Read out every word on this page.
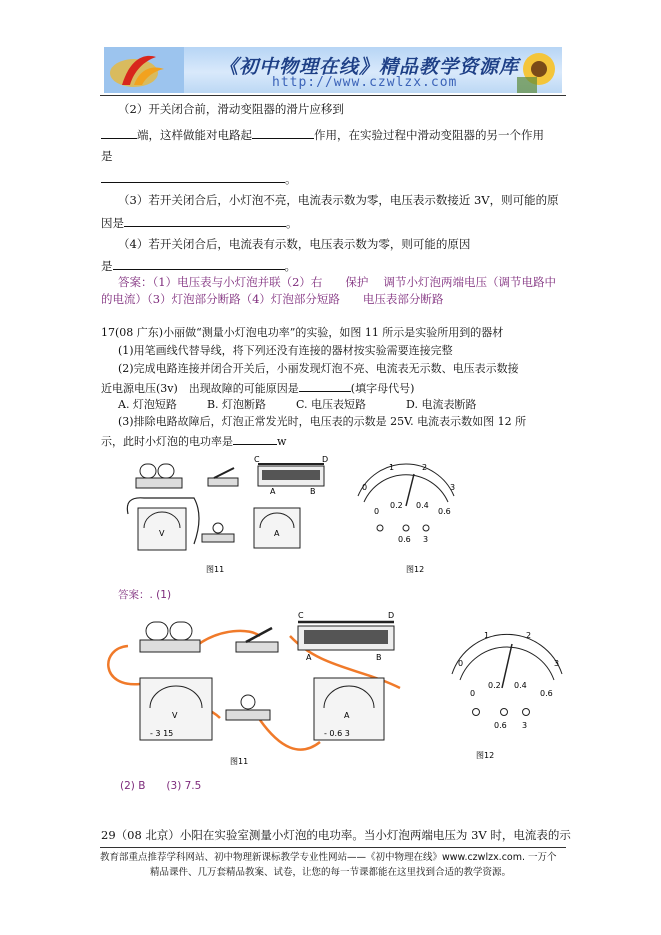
《初中物理在线》精品教学资源库
http://www.czwlzx.com
（2）开关闭合前，滑动变阻器的滑片应移到
端，这样做能对电路起	作用，在实验过程中滑动变阻器的另一个作用
是
。
（3）若开关闭合后，小灯泡不亮，电流表示数为零，电压表示数接近 3V，则可能的原
因是	。
（4）若开关闭合后，电流表有示数，电压表示数为零，则可能的原因
是	。
答案：（1）电压表与小灯泡并联（2）右　　保护　 调节小灯泡两端电压（调节电路中
的电流）（3）灯泡部分断路（4）灯泡部分短路　　电压表部分断路
17(08 广东)小丽做“测量小灯泡电功率”的实验，如图 11 所示是实验所用到的器材
(1)用笔画线代替导线，将下列还没有连接的器材按实验需要连接完整
(2)完成电路连接并闭合开关后，小丽发现灯泡不亮、电流表无示数、电压表示数接
近电源电压(3v)　出现故障的可能原因是	(填字母代号)
A. 灯泡短路	B. 灯泡断路	C. 电压表短路	D. 电流表断路
(3)排除电路故障后，灯泡正常发光时，电压表的示数是 25V. 电流表示数如图 12 所
示，此时小灯泡的电功率是	w
C	D
A	B
V	A
图11
0
1	2
3
0
0.2 0.4
0.6
0.6 3
图12
答案：. (1)
C	D
A	B
V
- 3 15
A
- 0.6 3
图11
0
1	2
3
0
0.2 0.4
0.6
0.6 3
图12
(2) B　　(3) 7.5
29（08 北京）小阳在实验室测量小灯泡的电功率。当小灯泡两端电压为 3V 时，电流表的示
教育部重点推荐学科网站、初中物理新课标教学专业性网站——《初中物理在线》www.czwlzx.com. 一万个
精品课件、几万套精品教案、试卷，让您的每一节课都能在这里找到合适的教学资源。
